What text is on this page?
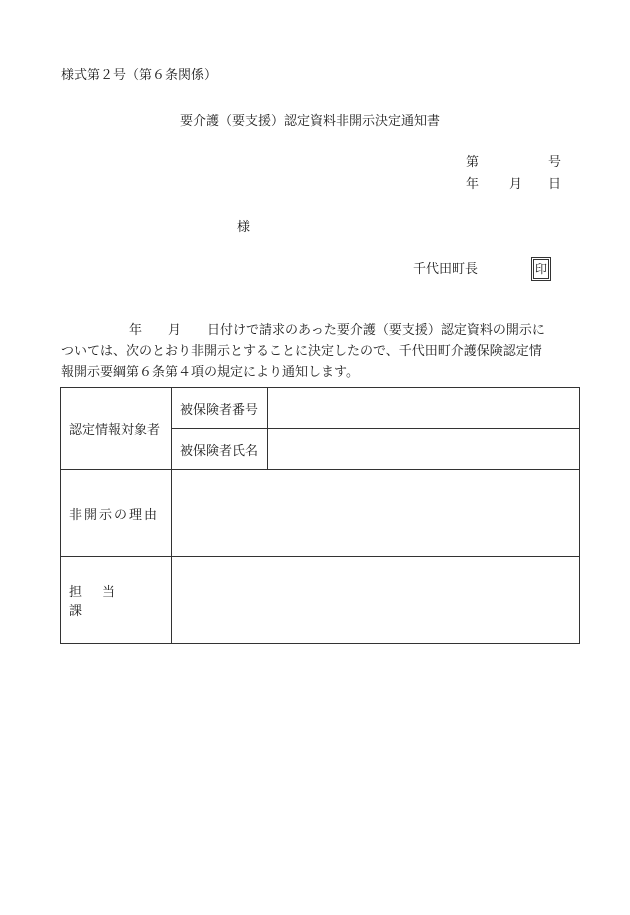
様式第２号（第６条関係）
要介護（要支援）認定資料非開示決定通知書
第	号
年 月 日
様
千代田町長	印
年 月 日付けで請求のあった要介護（要支援）認定資料の開示に
ついては、次のとおり非開示とすることに決定したので、千代田町介護保険認定情
報開示要綱第６条第４項の規定により通知します。
認定情報対象者	被保険者番号	
	被保険者氏名	
非開示の理由		
担 当課		
